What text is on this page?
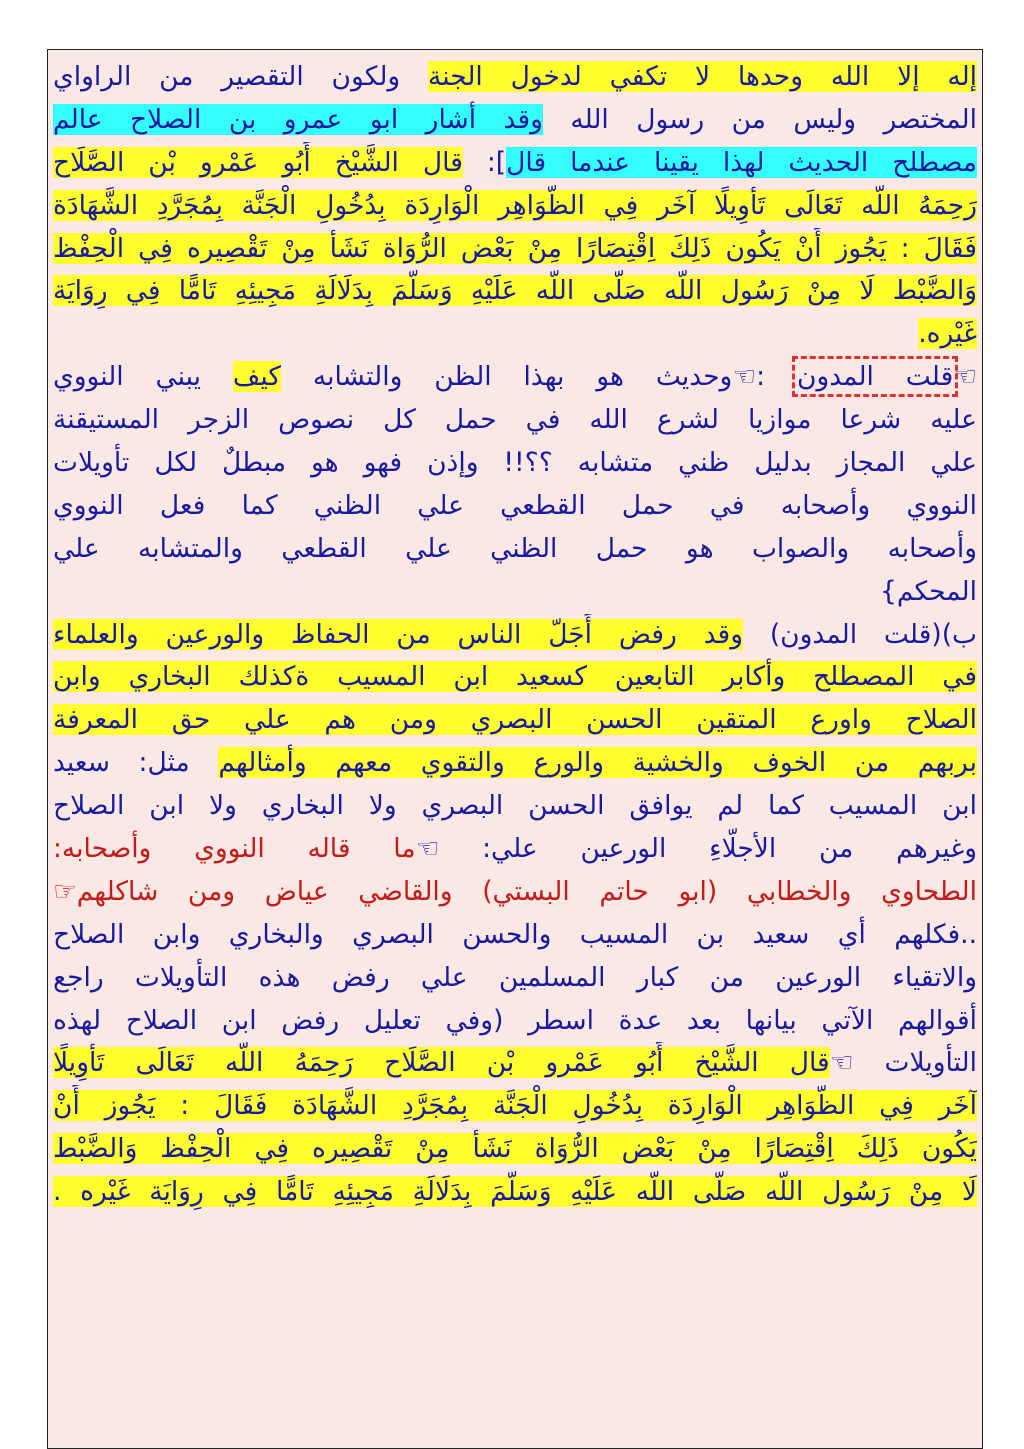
إله إلا الله وحدها لا تكفي لدخول الجنة ولكون التقصير من الراواي
المختصر وليس من رسول الله وقد أشار ابو عمرو بن الصلاح عالم
مصطلح الحديث لهذا يقينا عندما قال]: قال الشَّيْخ أَبُو عَمْرو بْن الصَّلَاح
رَحِمَهُ اللَّه تَعَالَى تَأْوِيلًا آخَر فِي الظَّوَاهِر الْوَارِدَة بِدُخُولِ الْجَنَّة بِمُجَرَّدِ الشَّهَادَة
فَقَالَ : يَجُوز أَنْ يَكُون ذَلِكَ اِقْتِصَارًا مِنْ بَعْض الرُّوَاة نَشَأَ مِنْ تَقْصِيره فِي الْحِفْظ
وَالضَّبْط لَا مِنْ رَسُول اللَّه صَلَّى اللَّه عَلَيْهِ وَسَلَّمَ بِدَلَالَةِ مَجِيئِهِ تَامًّا فِي رِوَايَة
غَيْره.
☜قلت المدون :☜وحديث هو بهذا الظن والتشابه كيف يبني النووي
عليه شرعا موازيا لشرع الله في حمل كل نصوص الزجر المستيقنة
علي المجاز بدليل ظني متشابه ؟؟!! وإذن فهو هو مبطلٌ لكل تأويلات
النووي وأصحابه في حمل القطعي علي الظني كما فعل النووي
وأصحابه والصواب هو حمل الظني علي القطعي والمتشابه علي
المحكم}
ب)(قلت المدون) وقد رفض أَجَلّ الناس من الحفاظ والورعين والعلماء
في المصطلح وأكابر التابعين كسعيد ابن المسيب ةكذلك البخاري وابن
الصلاح واورع المتقين الحسن البصري ومن هم علي حق المعرفة
بربهم من الخوف والخشية والورع والتقوي معهم وأمثالهم مثل: سعيد
ابن المسيب كما لم يوافق الحسن البصري ولا البخاري ولا ابن الصلاح
وغيرهم من الأجلَّاءِ الورعين علي: ☜ما قاله النووي وأصحابه:
الطحاوي والخطابي (ابو حاتم البستي) والقاضي عياض ومن شاكلهم☞
..فكلهم أي سعيد بن المسيب والحسن البصري والبخاري وابن الصلاح
والاتقياء الورعين من كبار المسلمين علي رفض هذه التأويلات راجع
أقوالهم الآتي بيانها بعد عدة اسطر (وفي تعليل رفض ابن الصلاح لهذه
التأويلات ☜قال الشَّيْخ أَبُو عَمْرو بْن الصَّلَاح رَحِمَهُ اللَّه تَعَالَى تَأْوِيلًا
آخَر فِي الظَّوَاهِر الْوَارِدَة بِدُخُولِ الْجَنَّة بِمُجَرَّدِ الشَّهَادَة فَقَالَ : يَجُوز أَنْ
يَكُون ذَلِكَ اِقْتِصَارًا مِنْ بَعْض الرُّوَاة نَشَأَ مِنْ تَقْصِيره فِي الْحِفْظ وَالضَّبْط
لَا مِنْ رَسُول اللَّه صَلَّى اللَّه عَلَيْهِ وَسَلَّمَ بِدَلَالَةِ مَجِيئِهِ تَامًّا فِي رِوَايَة غَيْره .
